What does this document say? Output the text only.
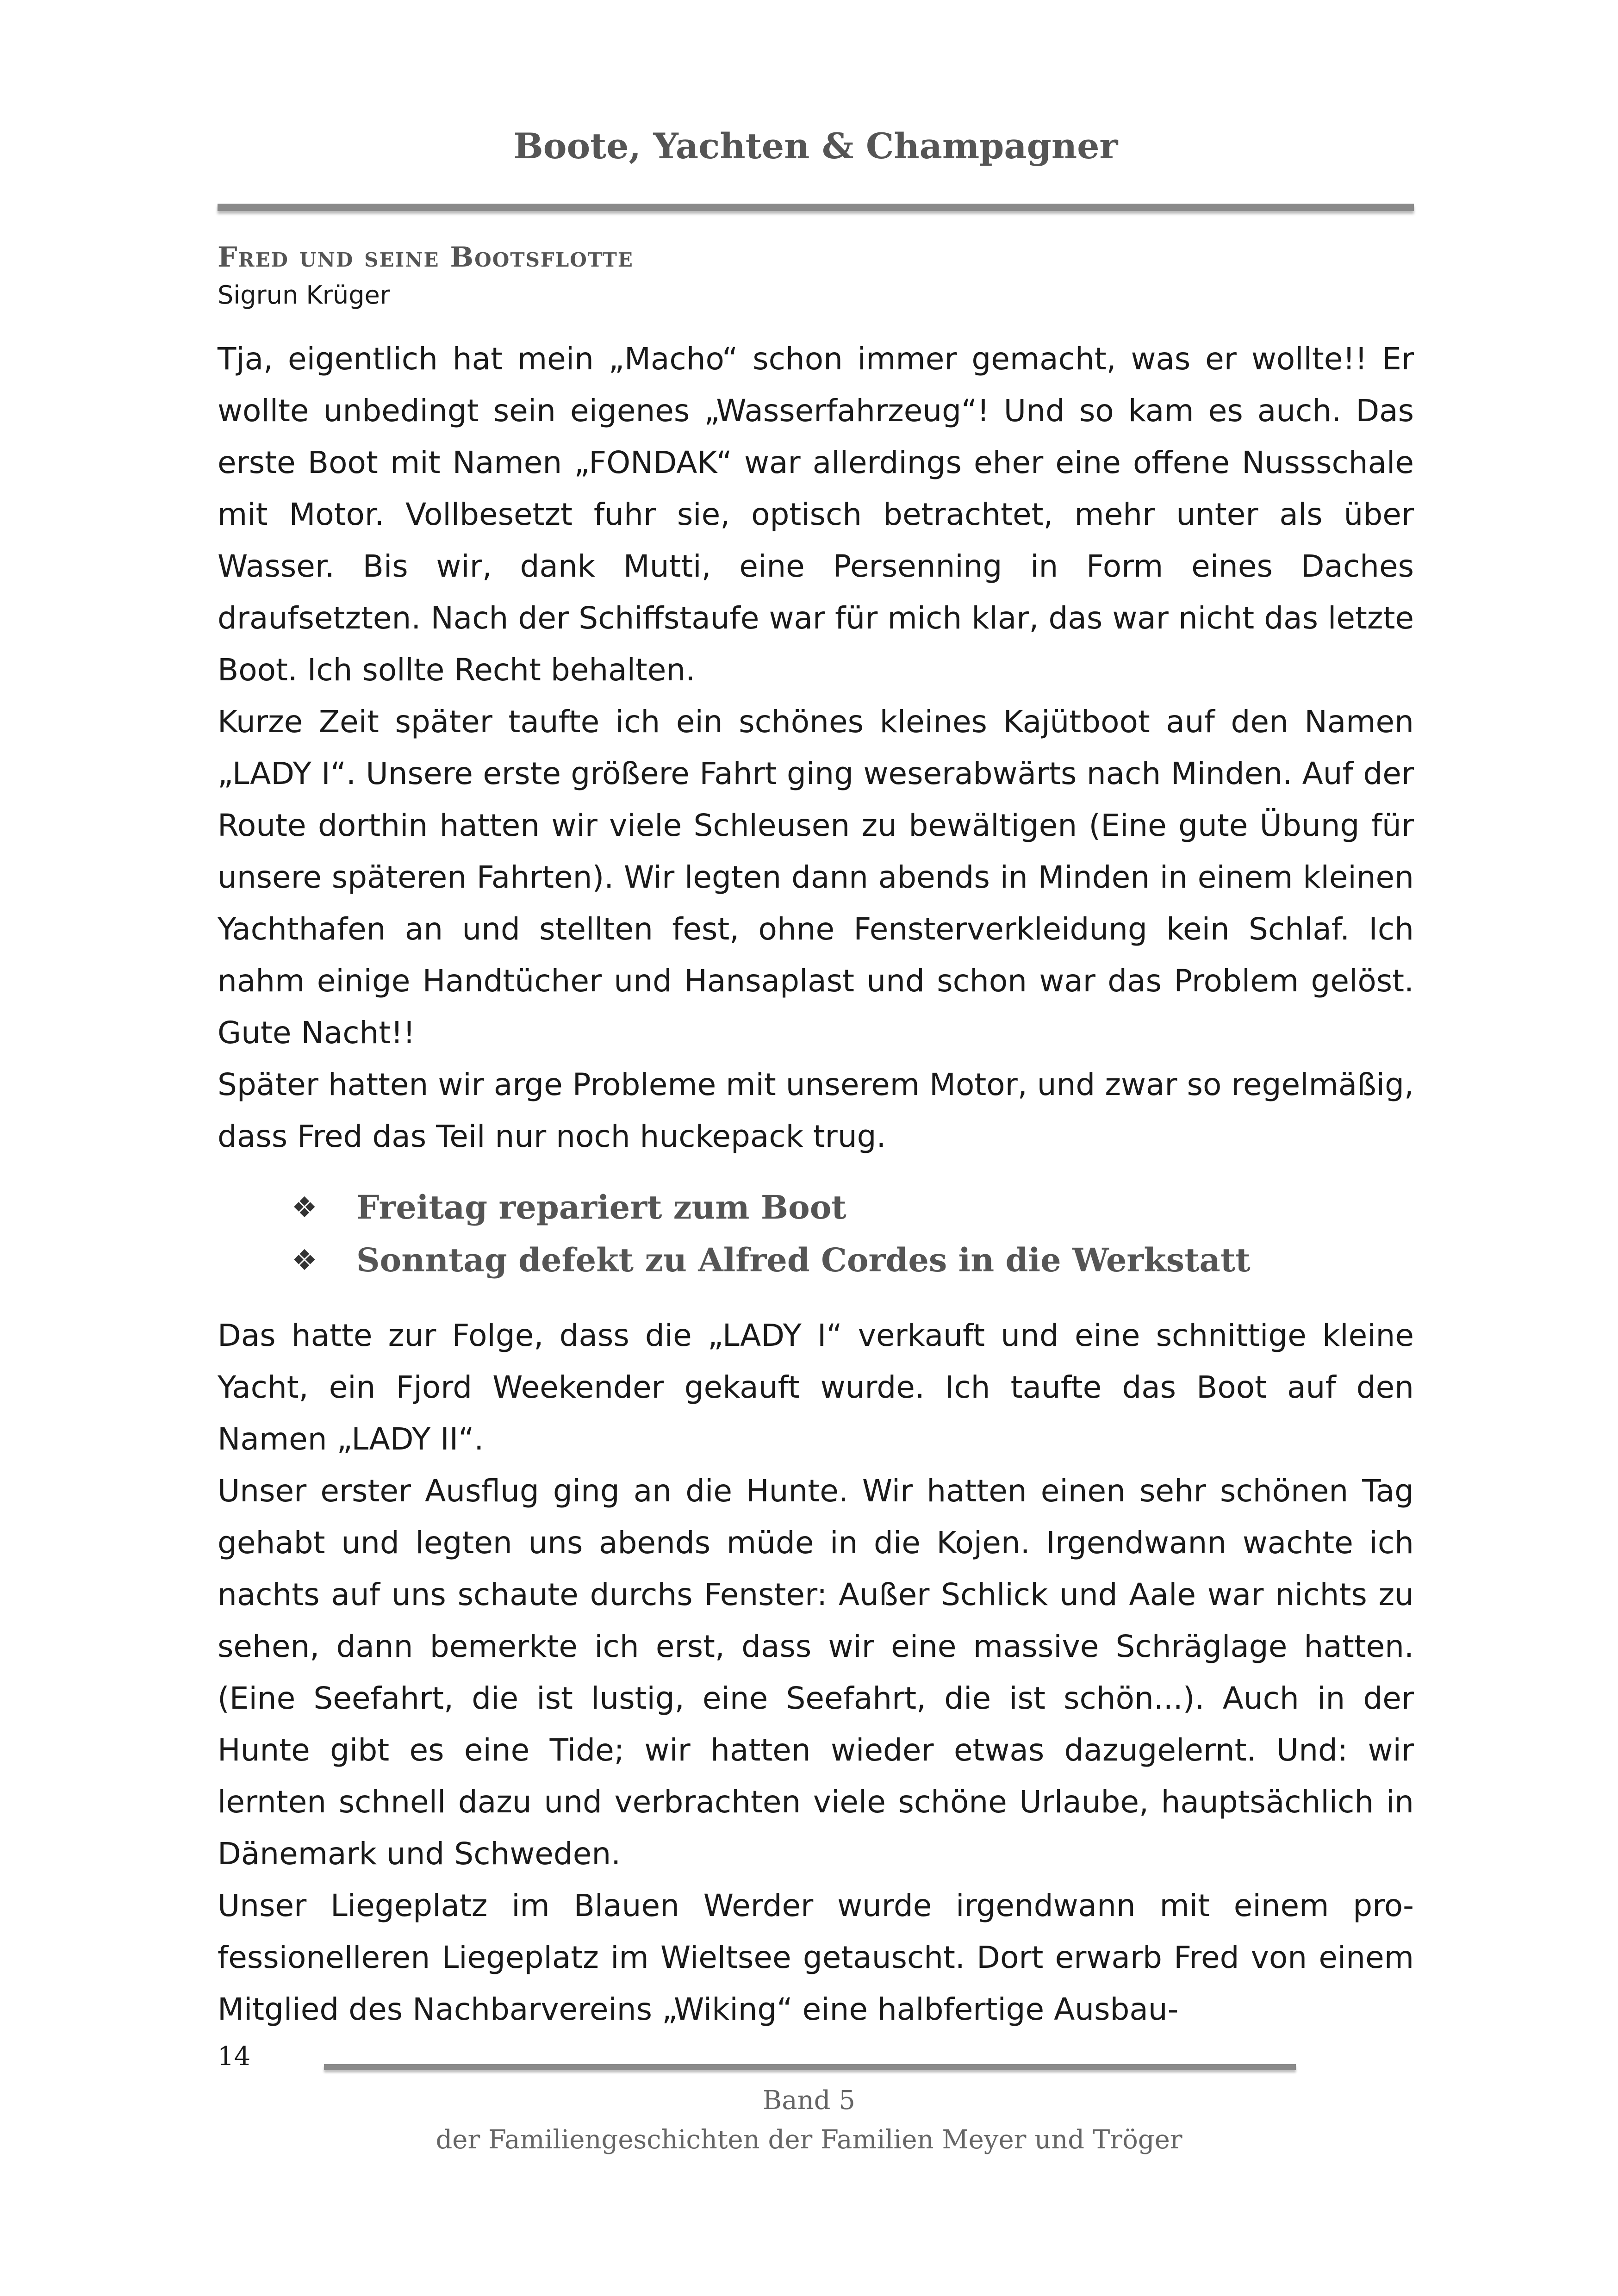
Boote, Yachten & Champagner
Fred und seine Bootsflotte
Sigrun Krüger

Tja, eigentlich hat mein „Macho“ schon immer gemacht, was er wollte!! Er wollte unbedingt sein eigenes „Wasserfahrzeug“! Und so kam es auch. Das erste Boot mit Namen „FONDAK“ war allerdings eher eine offene Nussschale mit Motor. Vollbesetzt fuhr sie, optisch betrachtet, mehr unter als über Wasser. Bis wir, dank Mutti, eine Persenning in Form eines Daches draufsetzten. Nach der Schiffstaufe war für mich klar, das war nicht das letzte Boot. Ich sollte Recht behalten.

Kurze Zeit später taufte ich ein schönes kleines Kajütboot auf den Namen „LADY I“. Unsere erste größere Fahrt ging weserabwärts nach Minden. Auf der Route dorthin hatten wir viele Schleusen zu bewältigen (Eine gute Übung für unsere späteren Fahrten). Wir legten dann abends in Minden in einem kleinen Yachthafen an und stellten fest, ohne Fensterverkleidung kein Schlaf. Ich nahm einige Handtücher und Hansaplast und schon war das Problem gelöst. Gute Nacht!!

Später hatten wir arge Probleme mit unserem Motor, und zwar so regelmäßig, dass Fred das Teil nur noch huckepack trug.

❖ Freitag repariert zum Boot
❖ Sonntag defekt zu Alfred Cordes in die Werkstatt

Das hatte zur Folge, dass die „LADY I“ verkauft und eine schnittige kleine Yacht, ein Fjord Weekender gekauft wurde. Ich taufte das Boot auf den Namen „LADY II“.

Unser erster Ausflug ging an die Hunte. Wir hatten einen sehr schönen Tag gehabt und legten uns abends müde in die Kojen. Irgendwann wachte ich nachts auf uns schaute durchs Fenster: Außer Schlick und Aale war nichts zu sehen, dann bemerkte ich erst, dass wir eine massive Schräglage hatten. (Eine Seefahrt, die ist lustig, eine Seefahrt, die ist schön...). Auch in der Hunte gibt es eine Tide; wir hatten wieder etwas dazugelernt. Und: wir lernten schnell dazu und verbrachten viele schöne Urlaube, hauptsächlich in Dänemark und Schweden.

Unser Liegeplatz im Blauen Werder wurde irgendwann mit einem professionelleren Liegeplatz im Wieltsee getauscht. Dort erwarb Fred von einem Mitglied des Nachbarvereins „Wiking“ eine halbfertige Ausbau-

14
Band 5
der Familiengeschichten der Familien Meyer und Tröger
